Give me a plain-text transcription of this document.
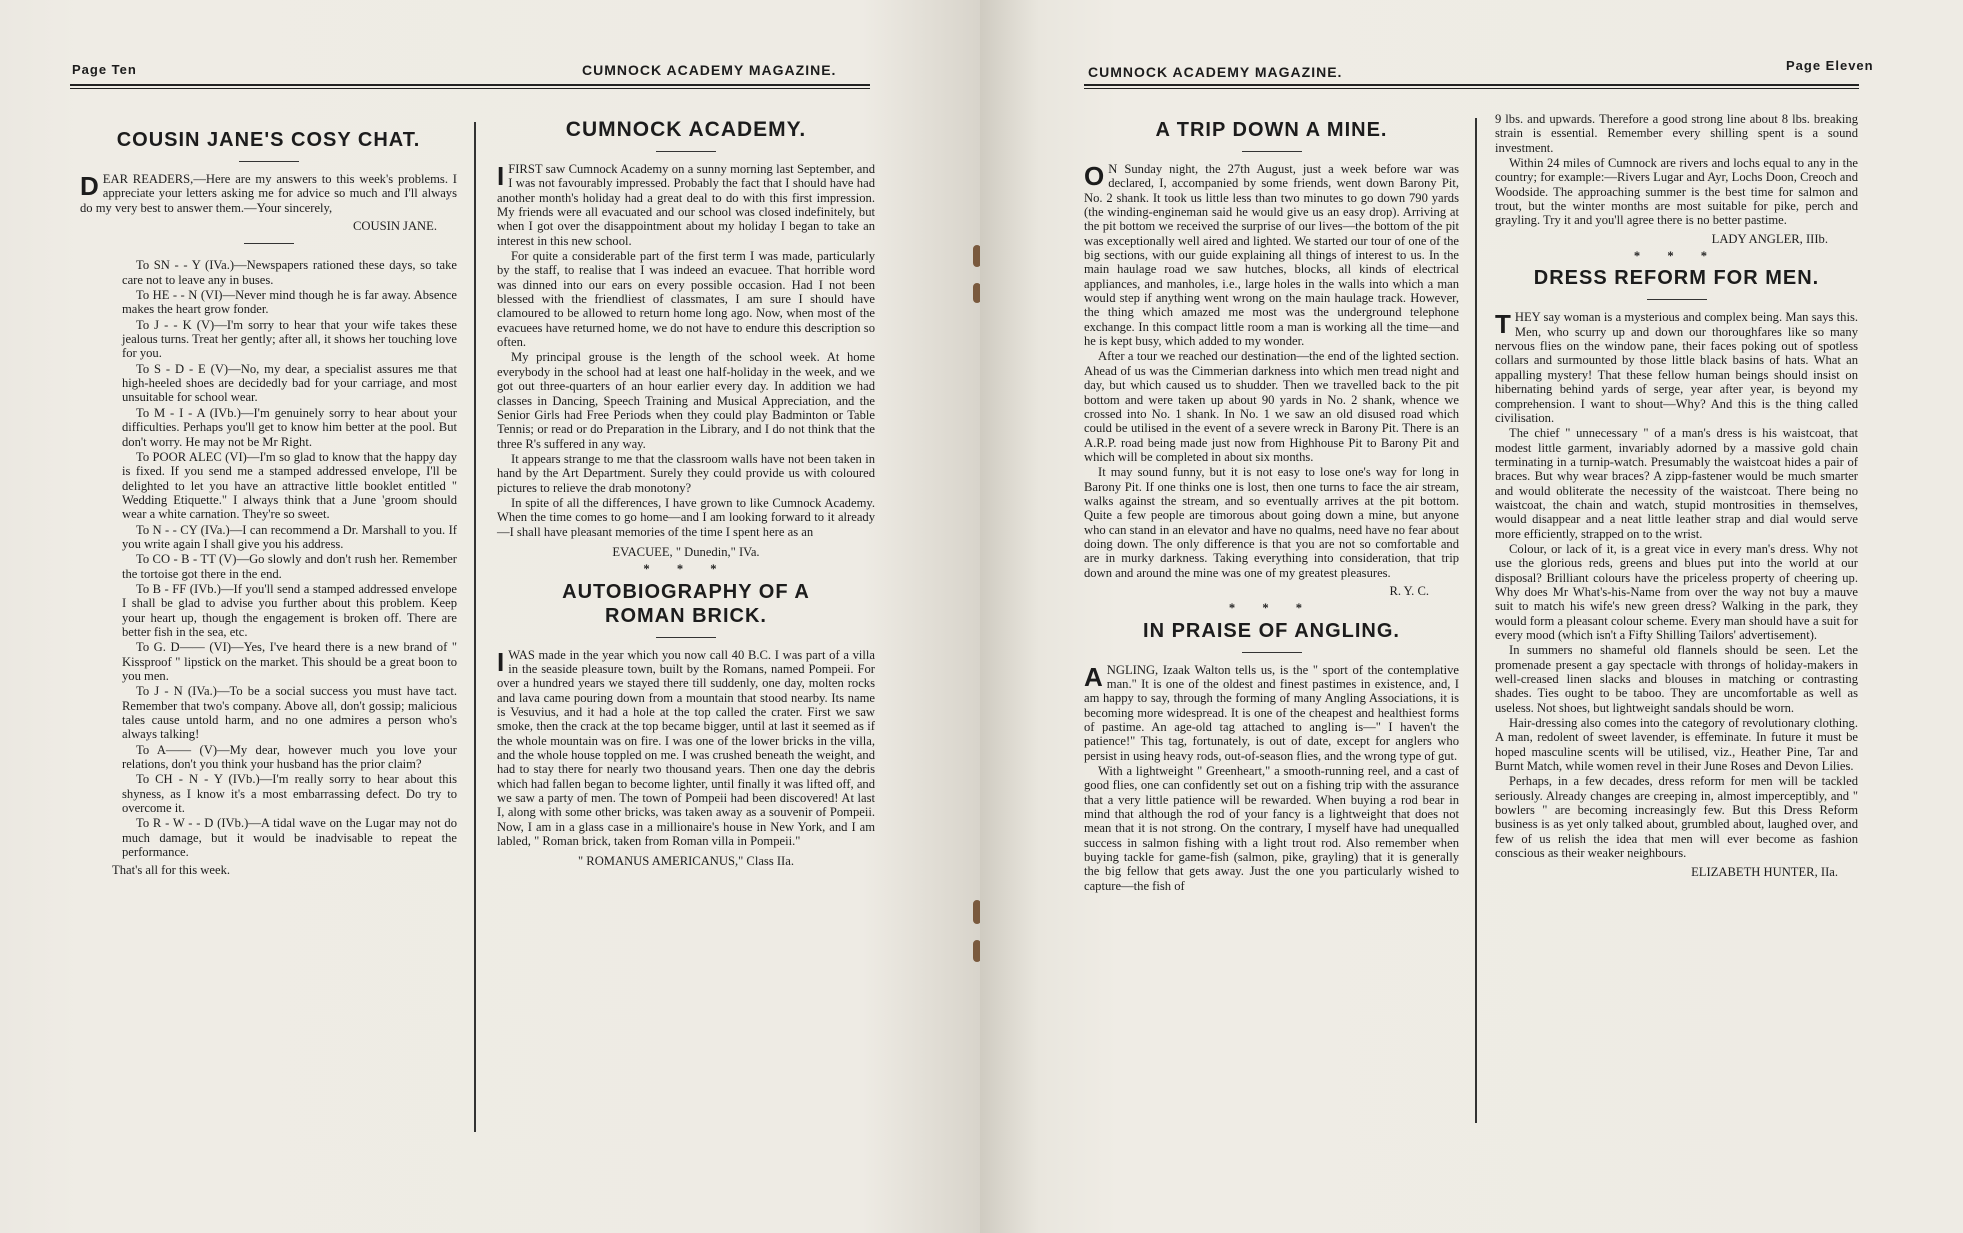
Page Ten	CUMNOCK ACADEMY MAGAZINE.
COUSIN JANE'S COSY CHAT.

DEAR READERS,—Here are my answers to this week's problems. I appreciate your letters asking me for advice so much and I'll always do my very best to answer them.—Your sincerely,

COUSIN JANE.

To SN - - Y (IVa.)—Newspapers rationed these days, so take care not to leave any in buses.

To HE - - N (VI)—Never mind though he is far away. Absence makes the heart grow fonder.

To J - - K (V)—I'm sorry to hear that your wife takes these jealous turns. Treat her gently; after all, it shows her touching love for you.

To S - D - E (V)—No, my dear, a specialist assures me that high-heeled shoes are decidedly bad for your carriage, and most unsuitable for school wear.

To M - I - A (IVb.)—I'm genuinely sorry to hear about your difficulties. Perhaps you'll get to know him better at the pool. But don't worry. He may not be Mr Right.

To POOR ALEC (VI)—I'm so glad to know that the happy day is fixed. If you send me a stamped addressed envelope, I'll be delighted to let you have an attractive little booklet entitled " Wedding Etiquette." I always think that a June 'groom should wear a white carnation. They're so sweet.

To N - - CY (IVa.)—I can recommend a Dr. Marshall to you. If you write again I shall give you his address.

To CO - B - TT (V)—Go slowly and don't rush her. Remember the tortoise got there in the end.

To B - FF (IVb.)—If you'll send a stamped addressed envelope I shall be glad to advise you further about this problem. Keep your heart up, though the engagement is broken off. There are better fish in the sea, etc.

To G. D—— (VI)—Yes, I've heard there is a new brand of " Kissproof " lipstick on the market. This should be a great boon to you men.

To J - N (IVa.)—To be a social success you must have tact. Remember that two's company. Above all, don't gossip; malicious tales cause untold harm, and no one admires a person who's always talking!

To A—— (V)—My dear, however much you love your relations, don't you think your husband has the prior claim?

To CH - N - Y (IVb.)—I'm really sorry to hear about this shyness, as I know it's a most embarrassing defect. Do try to overcome it.

To R - W - - D (IVb.)—A tidal wave on the Lugar may not do much damage, but it would be inadvisable to repeat the performance.

That's all for this week.

CUMNOCK ACADEMY.

I FIRST saw Cumnock Academy on a sunny morning last September, and I was not favourably impressed. Probably the fact that I should have had another month's holiday had a great deal to do with this first impression. My friends were all evacuated and our school was closed indefinitely, but when I got over the disappointment about my holiday I began to take an interest in this new school.

For quite a considerable part of the first term I was made, particularly by the staff, to realise that I was indeed an evacuee. That horrible word was dinned into our ears on every possible occasion. Had I not been blessed with the friendliest of classmates, I am sure I should have clamoured to be allowed to return home long ago. Now, when most of the evacuees have returned home, we do not have to endure this description so often.

My principal grouse is the length of the school week. At home everybody in the school had at least one half-holiday in the week, and we got out three-quarters of an hour earlier every day. In addition we had classes in Dancing, Speech Training and Musical Appreciation, and the Senior Girls had Free Periods when they could play Badminton or Table Tennis; or read or do Preparation in the Library, and I do not think that the three R's suffered in any way.

It appears strange to me that the classroom walls have not been taken in hand by the Art Department. Surely they could provide us with coloured pictures to relieve the drab monotony?

In spite of all the differences, I have grown to like Cumnock Academy. When the time comes to go home—and I am looking forward to it already—I shall have pleasant memories of the time I spent here as an

EVACUEE, " Dunedin," IVa.
* * *
AUTOBIOGRAPHY OF A
ROMAN BRICK.

I WAS made in the year which you now call 40 B.C. I was part of a villa in the seaside pleasure town, built by the Romans, named Pompeii. For over a hundred years we stayed there till suddenly, one day, molten rocks and lava came pouring down from a mountain that stood nearby. Its name is Vesuvius, and it had a hole at the top called the crater. First we saw smoke, then the crack at the top became bigger, until at last it seemed as if the whole mountain was on fire. I was one of the lower bricks in the villa, and the whole house toppled on me. I was crushed beneath the weight, and had to stay there for nearly two thousand years. Then one day the debris which had fallen began to become lighter, until finally it was lifted off, and we saw a party of men. The town of Pompeii had been discovered! At last I, along with some other bricks, was taken away as a souvenir of Pompeii. Now, I am in a glass case in a millionaire's house in New York, and I am labled, " Roman brick, taken from Roman villa in Pompeii."

" ROMANUS AMERICANUS," Class IIa.
CUMNOCK ACADEMY MAGAZINE.	Page Eleven
A TRIP DOWN A MINE.

O N Sunday night, the 27th August, just a week before war was declared, I, accompanied by some friends, went down Barony Pit, No. 2 shank. It took us little less than two minutes to go down 790 yards (the winding-engineman said he would give us an easy drop). Arriving at the pit bottom we received the surprise of our lives—the bottom of the pit was exceptionally well aired and lighted. We started our tour of one of the big sections, with our guide explaining all things of interest to us. In the main haulage road we saw hutches, blocks, all kinds of electrical appliances, and manholes, i.e., large holes in the walls into which a man would step if anything went wrong on the main haulage track. However, the thing which amazed me most was the underground telephone exchange. In this compact little room a man is working all the time—and he is kept busy, which added to my wonder.

After a tour we reached our destination—the end of the lighted section. Ahead of us was the Cimmerian darkness into which men tread night and day, but which caused us to shudder. Then we travelled back to the pit bottom and were taken up about 90 yards in No. 2 shank, whence we crossed into No. 1 shank. In No. 1 we saw an old disused road which could be utilised in the event of a severe wreck in Barony Pit. There is an A.R.P. road being made just now from Highhouse Pit to Barony Pit and which will be completed in about six months.

It may sound funny, but it is not easy to lose one's way for long in Barony Pit. If one thinks one is lost, then one turns to face the air stream, walks against the stream, and so eventually arrives at the pit bottom. Quite a few people are timorous about going down a mine, but anyone who can stand in an elevator and have no qualms, need have no fear about doing down. The only difference is that you are not so comfortable and are in murky darkness. Taking everything into consideration, that trip down and around the mine was one of my greatest pleasures.

R. Y. C.
* * *
IN PRAISE OF ANGLING.

ANGLING, Izaak Walton tells us, is the " sport of the contemplative man." It is one of the oldest and finest pastimes in existence, and, I am happy to say, through the forming of many Angling Associations, it is becoming more widespread. It is one of the cheapest and healthiest forms of pastime. An age-old tag attached to angling is—" I haven't the patience!" This tag, fortunately, is out of date, except for anglers who persist in using heavy rods, out-of-season flies, and the wrong type of gut.

With a lightweight " Greenheart," a smooth-running reel, and a cast of good flies, one can confidently set out on a fishing trip with the assurance that a very little patience will be rewarded. When buying a rod bear in mind that although the rod of your fancy is a lightweight that does not mean that it is not strong. On the contrary, I myself have had unequalled success in salmon fishing with a light trout rod. Also remember when buying tackle for game-fish (salmon, pike, grayling) that it is generally the big fellow that gets away. Just the one you particularly wished to capture—the fish of

9 lbs. and upwards. Therefore a good strong line about 8 lbs. breaking strain is essential. Remember every shilling spent is a sound investment.

Within 24 miles of Cumnock are rivers and lochs equal to any in the country; for example:—Rivers Lugar and Ayr, Lochs Doon, Creoch and Woodside. The approaching summer is the best time for salmon and trout, but the winter months are most suitable for pike, perch and grayling. Try it and you'll agree there is no better pastime.

LADY ANGLER, IIIb.
* * *
DRESS REFORM FOR MEN.

THEY say woman is a mysterious and complex being. Man says this. Men, who scurry up and down our thoroughfares like so many nervous flies on the window pane, their faces poking out of spotless collars and surmounted by those little black basins of hats. What an appalling mystery! That these fellow human beings should insist on hibernating behind yards of serge, year after year, is beyond my comprehension. I want to shout—Why? And this is the thing called civilisation.

The chief " unnecessary " of a man's dress is his waistcoat, that modest little garment, invariably adorned by a massive gold chain terminating in a turnip-watch. Presumably the waistcoat hides a pair of braces. But why wear braces? A zipp-fastener would be much smarter and would obliterate the necessity of the waistcoat. There being no waistcoat, the chain and watch, stupid montrosities in themselves, would disappear and a neat little leather strap and dial would serve more efficiently, strapped on to the wrist.

Colour, or lack of it, is a great vice in every man's dress. Why not use the glorious reds, greens and blues put into the world at our disposal? Brilliant colours have the priceless property of cheering up. Why does Mr What's-his-Name from over the way not buy a mauve suit to match his wife's new green dress? Walking in the park, they would form a pleasant colour scheme. Every man should have a suit for every mood (which isn't a Fifty Shilling Tailors' advertisement).

In summers no shameful old flannels should be seen. Let the promenade present a gay spectacle with throngs of holiday-makers in well-creased linen slacks and blouses in matching or contrasting shades. Ties ought to be taboo. They are uncomfortable as well as useless. Not shoes, but lightweight sandals should be worn.

Hair-dressing also comes into the category of revolutionary clothing. A man, redolent of sweet lavender, is effeminate. In future it must be hoped masculine scents will be utilised, viz., Heather Pine, Tar and Burnt Match, while women revel in their June Roses and Devon Lilies.

Perhaps, in a few decades, dress reform for men will be tackled seriously. Already changes are creeping in, almost imperceptibly, and " bowlers " are becoming increasingly few. But this Dress Reform business is as yet only talked about, grumbled about, laughed over, and few of us relish the idea that men will ever become as fashion conscious as their weaker neighbours.

ELIZABETH HUNTER, IIa.
